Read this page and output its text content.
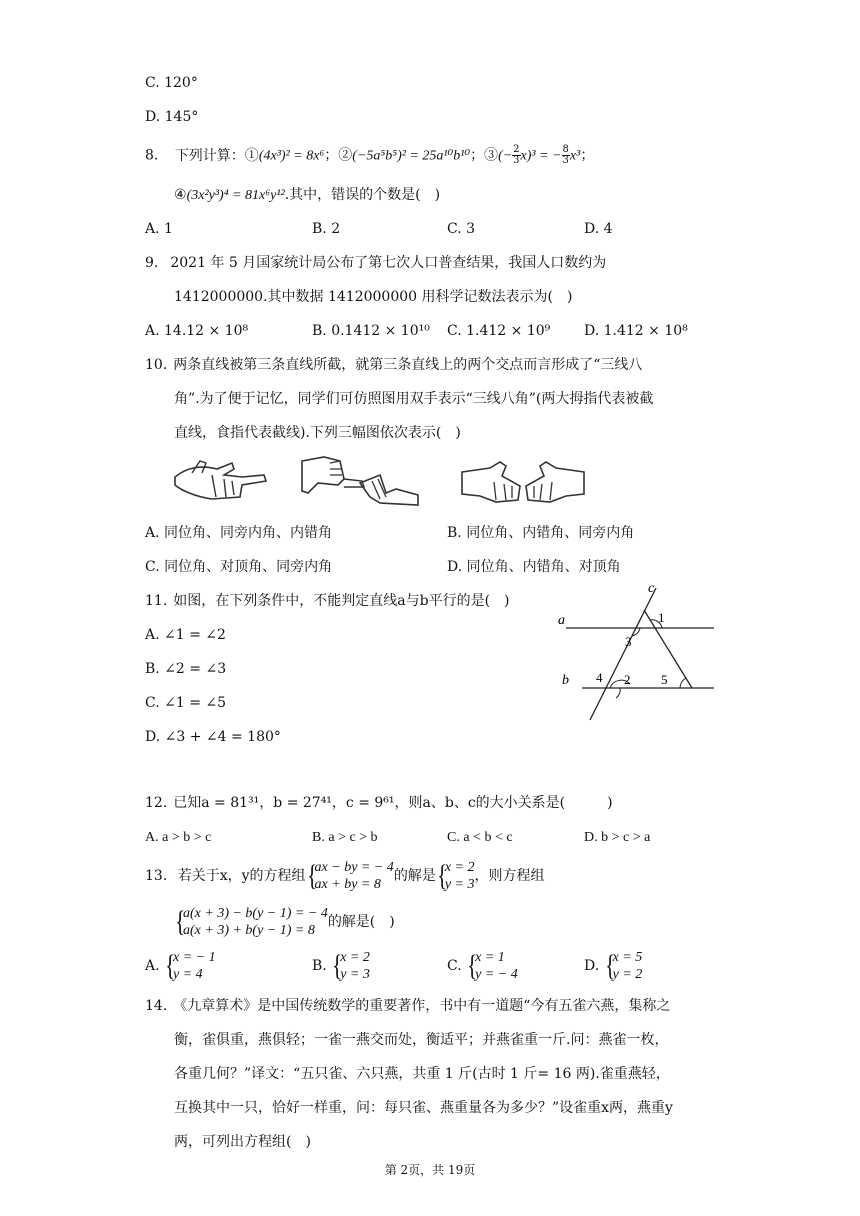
C. 120°
D. 145°
8. 下列计算：①(4x³)² = 8x⁶；②(−5a⁵b⁵)² = 25a¹⁰b¹⁰；③(− $\frac{2}{3} x)^3$ = − $\frac{8}{3} x^3$；
④(3x²y³)⁴ = 81x⁶y¹².其中，错误的个数是(　)
A. 1	B. 2	C. 3	D. 4
9. 2021 年 5 月国家统计局公布了第七次人口普查结果，我国人口数约为
1412000000.其中数据 1412000000 用科学记数法表示为(　)
A. 14.12 × 10⁸	B. 0.1412 × 10¹⁰ C. 1.412 × 10⁹ D. 1.412 × 10⁸
10. 两条直线被第三条直线所截，就第三条直线上的两个交点而言形成了“三线八
角”.为了便于记忆，同学们可仿照图用双手表示“三线八角”(两大拇指代表被截
直线，食指代表截线).下列三幅图依次表示(　)
A. 同位角、同旁内角、内错角	B. 同位角、内错角、同旁内角
C. 同位角、对顶角、同旁内角	D. 同位角、内错角、对顶角
11. 如图，在下列条件中，不能判定直线a与b平行的是(　)
A. ∠1 = ∠2
B. ∠2 = ∠3
C. ∠1 = ∠5
D. ∠3 + ∠4 = 180°
a
b
c
1
3
4 2 5
12. 已知a = 81³¹，b = 27⁴¹，c = 9⁶¹，则a、b、c的大小关系是(　　　)
A. a > b > c	B. a > c > b	C. a < b < c	D. b > c > a
13. 若关于x，y的方程组
{ ax − by = − 4
ax + by = 8
的解是
{ x = 2
y = 3
，则方程组
{ a(x + 3) − b(y − 1) = − 4
a(x + 3) + b(y − 1) = 8
的解是(　)
A.
{ x = − 1
y = 4
B.
{ x = 2
y = 3
C.
{ x = 1
y = − 4
D.
{ x = 5
y = 2
14. 《九章算术》是中国传统数学的重要著作，书中有一道题“今有五雀六燕，集称之
衡，雀俱重，燕俱轻；一雀一燕交而处，衡适平；并燕雀重一斤.问：燕雀一枚，
各重几何？”译文：“五只雀、六只燕，共重 1 斤(古时 1 斤= 16 两).雀重燕轻，
互换其中一只，恰好一样重，问：每只雀、燕重量各为多少？”设雀重x两，燕重y
两，可列出方程组(　)
第 2页，共 19页
